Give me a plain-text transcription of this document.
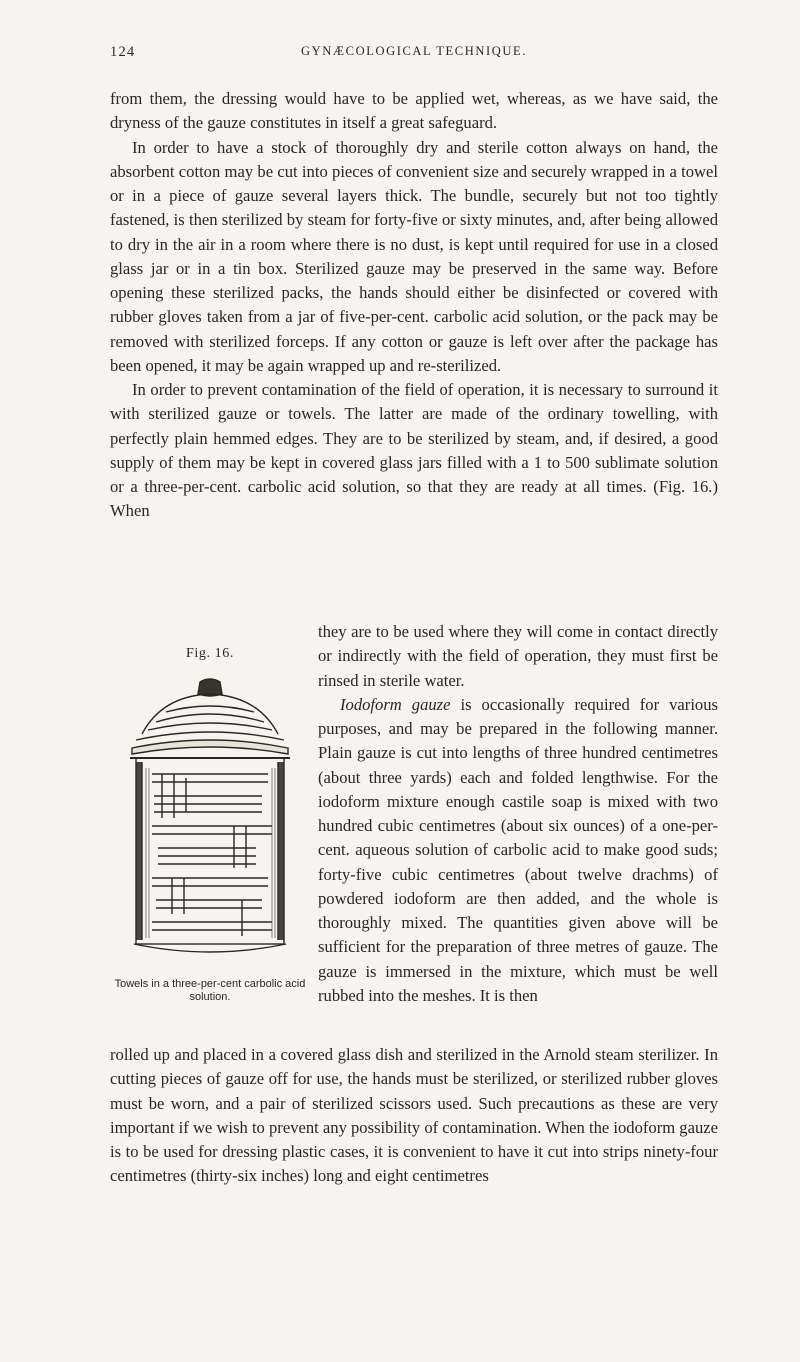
124	GYNÆCOLOGICAL TECHNIQUE.

from them, the dressing would have to be applied wet, whereas, as we have said, the dryness of the gauze constitutes in itself a great safeguard.

In order to have a stock of thoroughly dry and sterile cotton always on hand, the absorbent cotton may be cut into pieces of convenient size and securely wrapped in a towel or in a piece of gauze several layers thick. The bundle, securely but not too tightly fastened, is then sterilized by steam for forty-five or sixty minutes, and, after being allowed to dry in the air in a room where there is no dust, is kept until required for use in a closed glass jar or in a tin box. Sterilized gauze may be preserved in the same way. Before opening these sterilized packs, the hands should either be disinfected or covered with rubber gloves taken from a jar of five-per-cent. carbolic acid solution, or the pack may be removed with sterilized forceps. If any cotton or gauze is left over after the package has been opened, it may be again wrapped up and re-sterilized.

In order to prevent contamination of the field of operation, it is necessary to surround it with sterilized gauze or towels. The latter are made of the ordinary towelling, with perfectly plain hemmed edges. They are to be sterilized by steam, and, if desired, a good supply of them may be kept in covered glass jars filled with a 1 to 500 sublimate solution or a three-per-cent. carbolic acid solution, so that they are ready at all times. (Fig. 16.) When

Fig. 16.
Towels in a three-per-cent carbolic acid solution.

they are to be used where they will come in contact directly or indirectly with the field of operation, they must first be rinsed in sterile water.

Iodoform gauze is occasionally required for various purposes, and may be prepared in the following manner. Plain gauze is cut into lengths of three hundred centimetres (about three yards) each and folded lengthwise. For the iodoform mixture enough castile soap is mixed with two hundred cubic centimetres (about six ounces) of a one-per-cent. aqueous solution of carbolic acid to make good suds; forty-five cubic centimetres (about twelve drachms) of powdered iodoform are then added, and the whole is thoroughly mixed. The quantities given above will be sufficient for the preparation of three metres of gauze. The gauze is immersed in the mixture, which must be well rubbed into the meshes. It is then

rolled up and placed in a covered glass dish and sterilized in the Arnold steam sterilizer. In cutting pieces of gauze off for use, the hands must be sterilized, or sterilized rubber gloves must be worn, and a pair of sterilized scissors used. Such precautions as these are very important if we wish to prevent any possibility of contamination. When the iodoform gauze is to be used for dressing plastic cases, it is convenient to have it cut into strips ninety-four centimetres (thirty-six inches) long and eight centimetres
